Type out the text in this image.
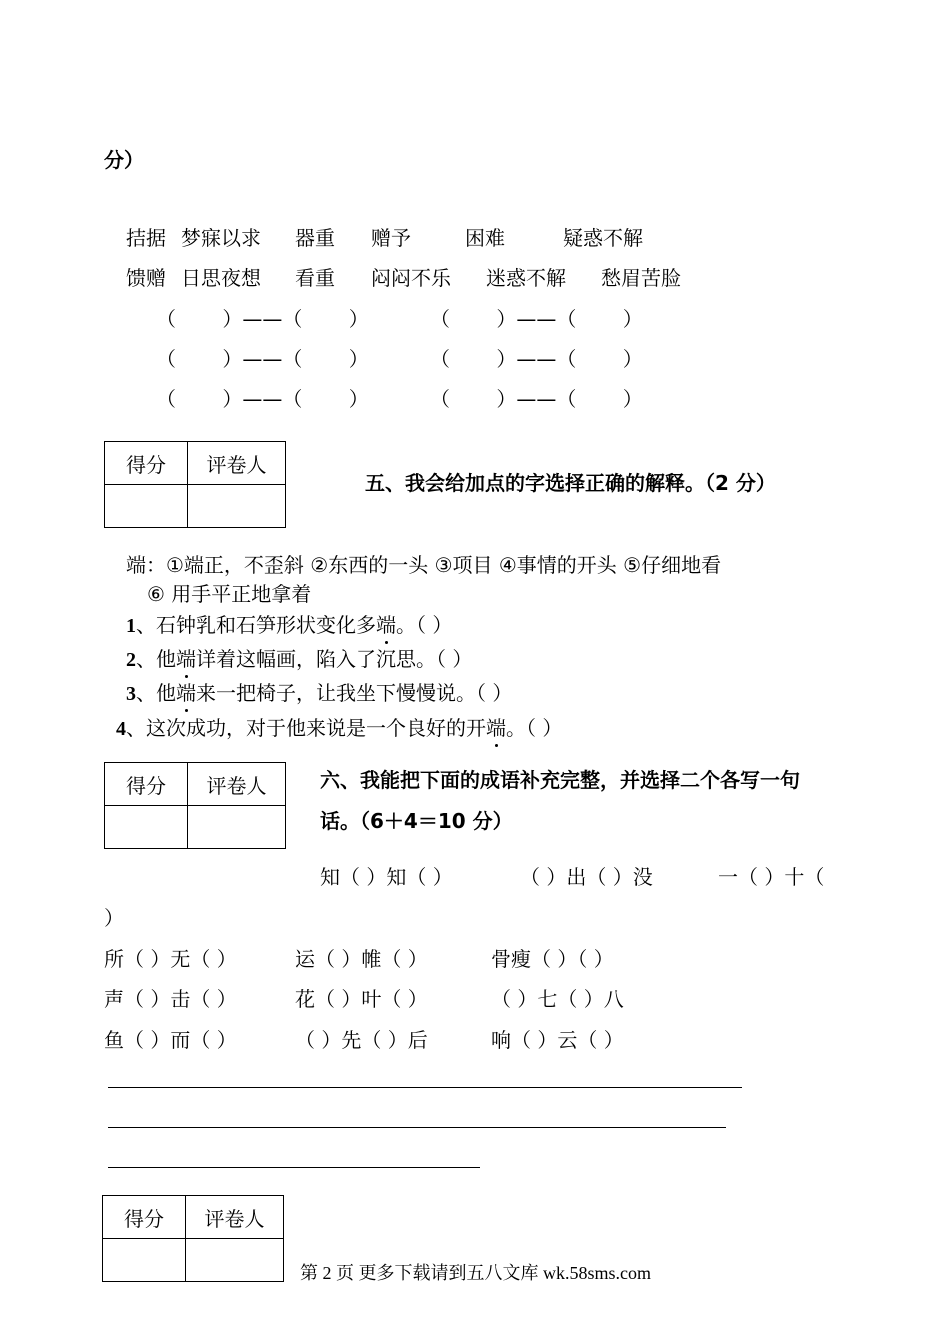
分）
拮据 梦寐以求 器重 赠予	困难	疑惑不解
馈赠 日思夜想 看重 闷闷不乐 迷惑不解 愁眉苦脸
（ ）——（ ）	（ ）——（ ）
（ ）——（ ）	（ ）——（ ）
（ ）——（ ）	（ ）——（ ）
得分	评卷人

五、我会给加点的字选择正确的解释。（2 分）
端：①端正，不歪斜 ②东西的一头 ③项目 ④事情的开头 ⑤仔细地看
⑥ 用手平正地拿着
1、石钟乳和石笋形状变化多端。（ ）
2、他端详着这幅画，陷入了沉思。（ ）
3、他端来一把椅子，让我坐下慢慢说。（ ）
4、这次成功，对于他来说是一个良好的开端。（ ）
得分	评卷人
		六、我能把下面的成语补充完整，并选择二个各写一句
话。（6＋4＝10 分）
知（ ）知（ ）	（ ）出（ ）没	一（ ）十（
）
所（ ）无（ ）	运（ ）帷（ ）	骨瘦（ ）（ ）
声（ ）击（ ）	花（ ）叶（ ）	（ ）七（ ）八
鱼（ ）而（ ）	（ ）先（ ）后	响（ ）云（ ）
得分	评卷人

第 2 页 更多下载请到五八文库 wk.58sms.com
